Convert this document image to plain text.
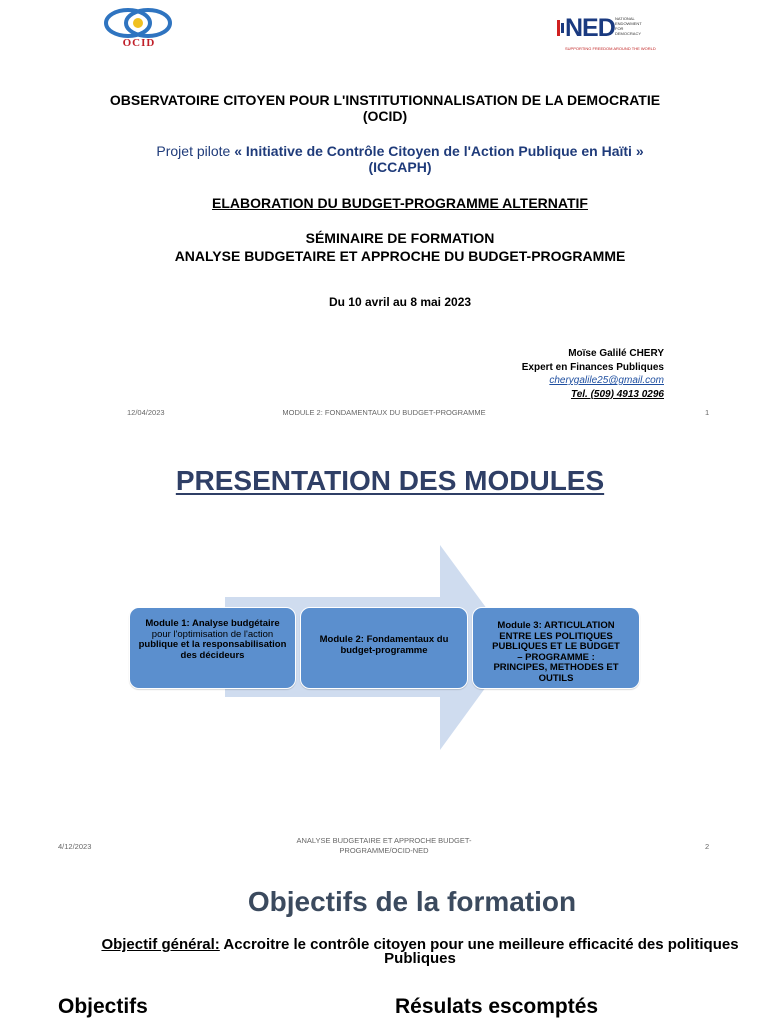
OCID
NED NATIONAL ENDOWMENT FOR DEMOCRACY
SUPPORTING FREEDOM AROUND THE WORLD
OBSERVATOIRE CITOYEN POUR L'INSTITUTIONNALISATION DE LA DEMOCRATIE (OCID)
Projet pilote « Initiative de Contrôle Citoyen de l'Action Publique en Haïti » (ICCAPH)
ELABORATION DU BUDGET-PROGRAMME ALTERNATIF
SÉMINAIRE DE FORMATION
ANALYSE BUDGETAIRE ET APPROCHE DU BUDGET-PROGRAMME
Du 10 avril au 8 mai 2023
Moïse Galilé CHERY
Expert en Finances Publiques
cherygalile25@gmail.com
Tel. (509) 4913 0296
12/04/2023	MODULE 2: FONDAMENTAUX DU BUDGET-PROGRAMME	1
PRESENTATION DES MODULES
Module 1: Analyse budgétaire
pour l'optimisation de l'action
publique et la responsabilisation des décideurs
Module 2: Fondamentaux du budget-programme
Module 3: ARTICULATION ENTRE LES POLITIQUES PUBLIQUES ET LE BUDGET – PROGRAMME : PRINCIPES, METHODES ET OUTILS
4/12/2023
ANALYSE BUDGETAIRE ET APPROCHE BUDGET-
PROGRAMME/OCID-NED	2
Objectifs de la formation
Objectif général: Accroitre le contrôle citoyen pour une meilleure efficacité des politiques Publiques
Objectifs	Résulats escomptés
